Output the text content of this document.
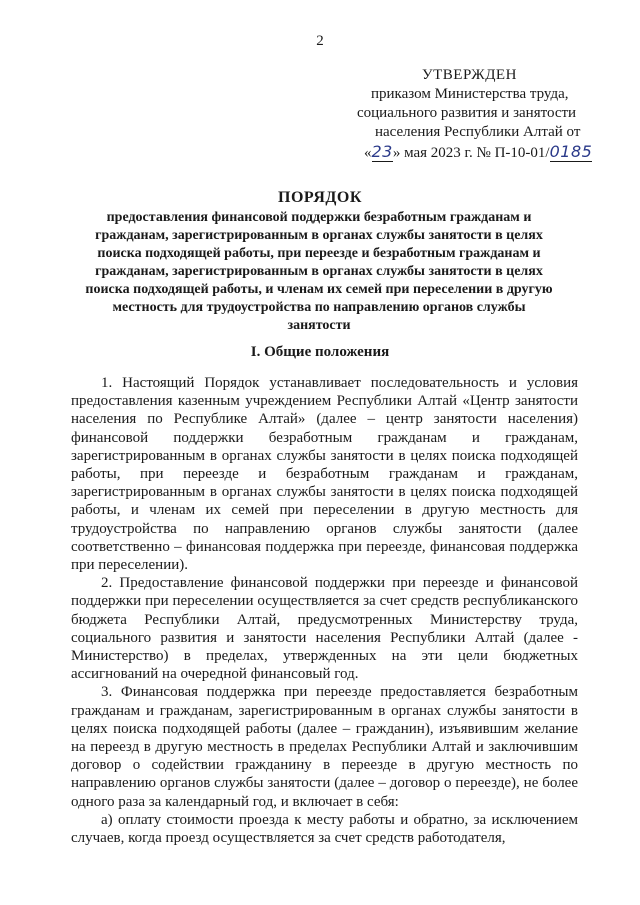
2
УТВЕРЖДЕН
приказом Министерства труда,
социального развития и занятости
населения Республики Алтай от
«23» мая 2023 г. № П-10-01/0185
ПОРЯДОК
предоставления финансовой поддержки безработным гражданам и гражданам, зарегистрированным в органах службы занятости в целях поиска подходящей работы, при переезде и безработным гражданам и гражданам, зарегистрированным в органах службы занятости в целях поиска подходящей работы, и членам их семей при переселении в другую местность для трудоустройства по направлению органов службы занятости
I. Общие положения

1. Настоящий Порядок устанавливает последовательность и условия предоставления казенным учреждением Республики Алтай «Центр занятости населения по Республике Алтай» (далее – центр занятости населения) финансовой поддержки безработным гражданам и гражданам, зарегистрированным в органах службы занятости в целях поиска подходящей работы, при переезде и безработным гражданам и гражданам, зарегистрированным в органах службы занятости в целях поиска подходящей работы, и членам их семей при переселении в другую местность для трудоустройства по направлению органов службы занятости (далее соответственно – финансовая поддержка при переезде, финансовая поддержка при переселении).

2. Предоставление финансовой поддержки при переезде и финансовой поддержки при переселении осуществляется за счет средств республиканского бюджета Республики Алтай, предусмотренных Министерству труда, социального развития и занятости населения Республики Алтай (далее - Министерство) в пределах, утвержденных на эти цели бюджетных ассигнований на очередной финансовый год.

3. Финансовая поддержка при переезде предоставляется безработным гражданам и гражданам, зарегистрированным в органах службы занятости в целях поиска подходящей работы (далее – гражданин), изъявившим желание на переезд в другую местность в пределах Республики Алтай и заключившим договор о содействии гражданину в переезде в другую местность по направлению органов службы занятости (далее – договор о переезде), не более одного раза за календарный год, и включает в себя:

а) оплату стоимости проезда к месту работы и обратно, за исключением случаев, когда проезд осуществляется за счет средств работодателя,
